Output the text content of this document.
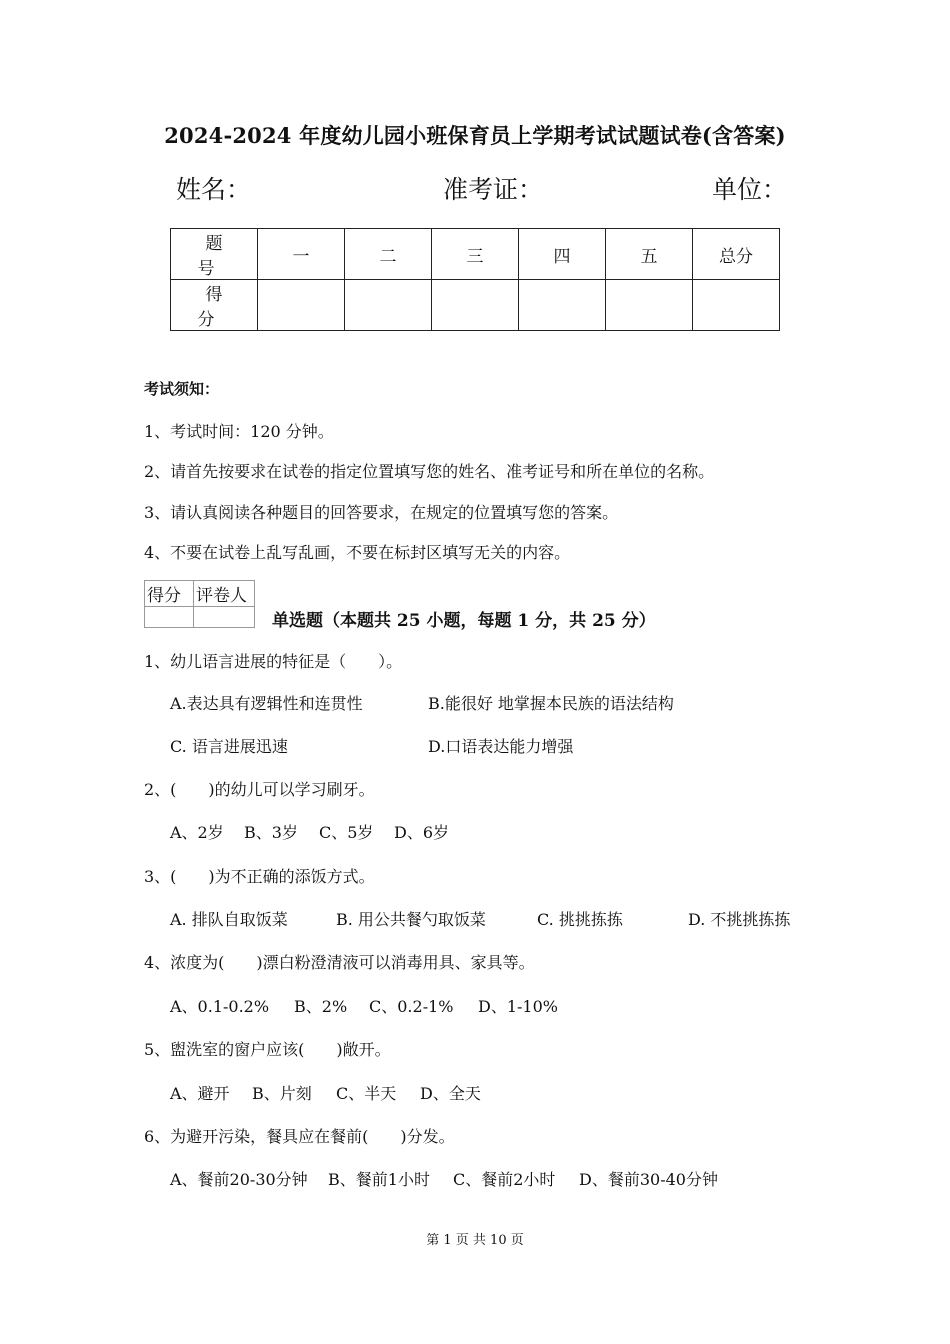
2024-2024 年度幼儿园小班保育员上学期考试试题试卷(含答案)
姓名：	准考证：	单位：
题 号	一	二	三	四	五	总分
得 分						
考试须知：
1、考试时间：120 分钟。
2、请首先按要求在试卷的指定位置填写您的姓名、准考证号和所在单位的名称。
3、请认真阅读各种题目的回答要求，在规定的位置填写您的答案。
4、不要在试卷上乱写乱画，不要在标封区填写无关的内容。
得分	评卷人

单选题（本题共 25 小题，每题 1 分，共 25 分）
1、幼儿语言进展的特征是（　　）。
A.表达具有逻辑性和连贯性	B.能很好 地掌握本民族的语法结构
C. 语言进展迅速	D.口语表达能力增强
2、(　　)的幼儿可以学习刷牙。
A、2岁 B、3岁 C、5岁 D、6岁
3、(　　)为不正确的添饭方式。
A. 排队自取饭菜	B. 用公共餐勺取饭菜	C. 挑挑拣拣	D. 不挑挑拣拣
4、浓度为(　　)漂白粉澄清液可以消毒用具、家具等。
A、0.1-0.2% B、2% C、0.2-1% D、1-10%
5、盥洗室的窗户应该(　　)敞开。
A、避开 B、片刻 C、半天 D、全天
6、为避开污染，餐具应在餐前(　　)分发。
A、餐前20-30分钟 B、餐前1小时 C、餐前2小时 D、餐前30-40分钟
第 1 页 共 10 页
